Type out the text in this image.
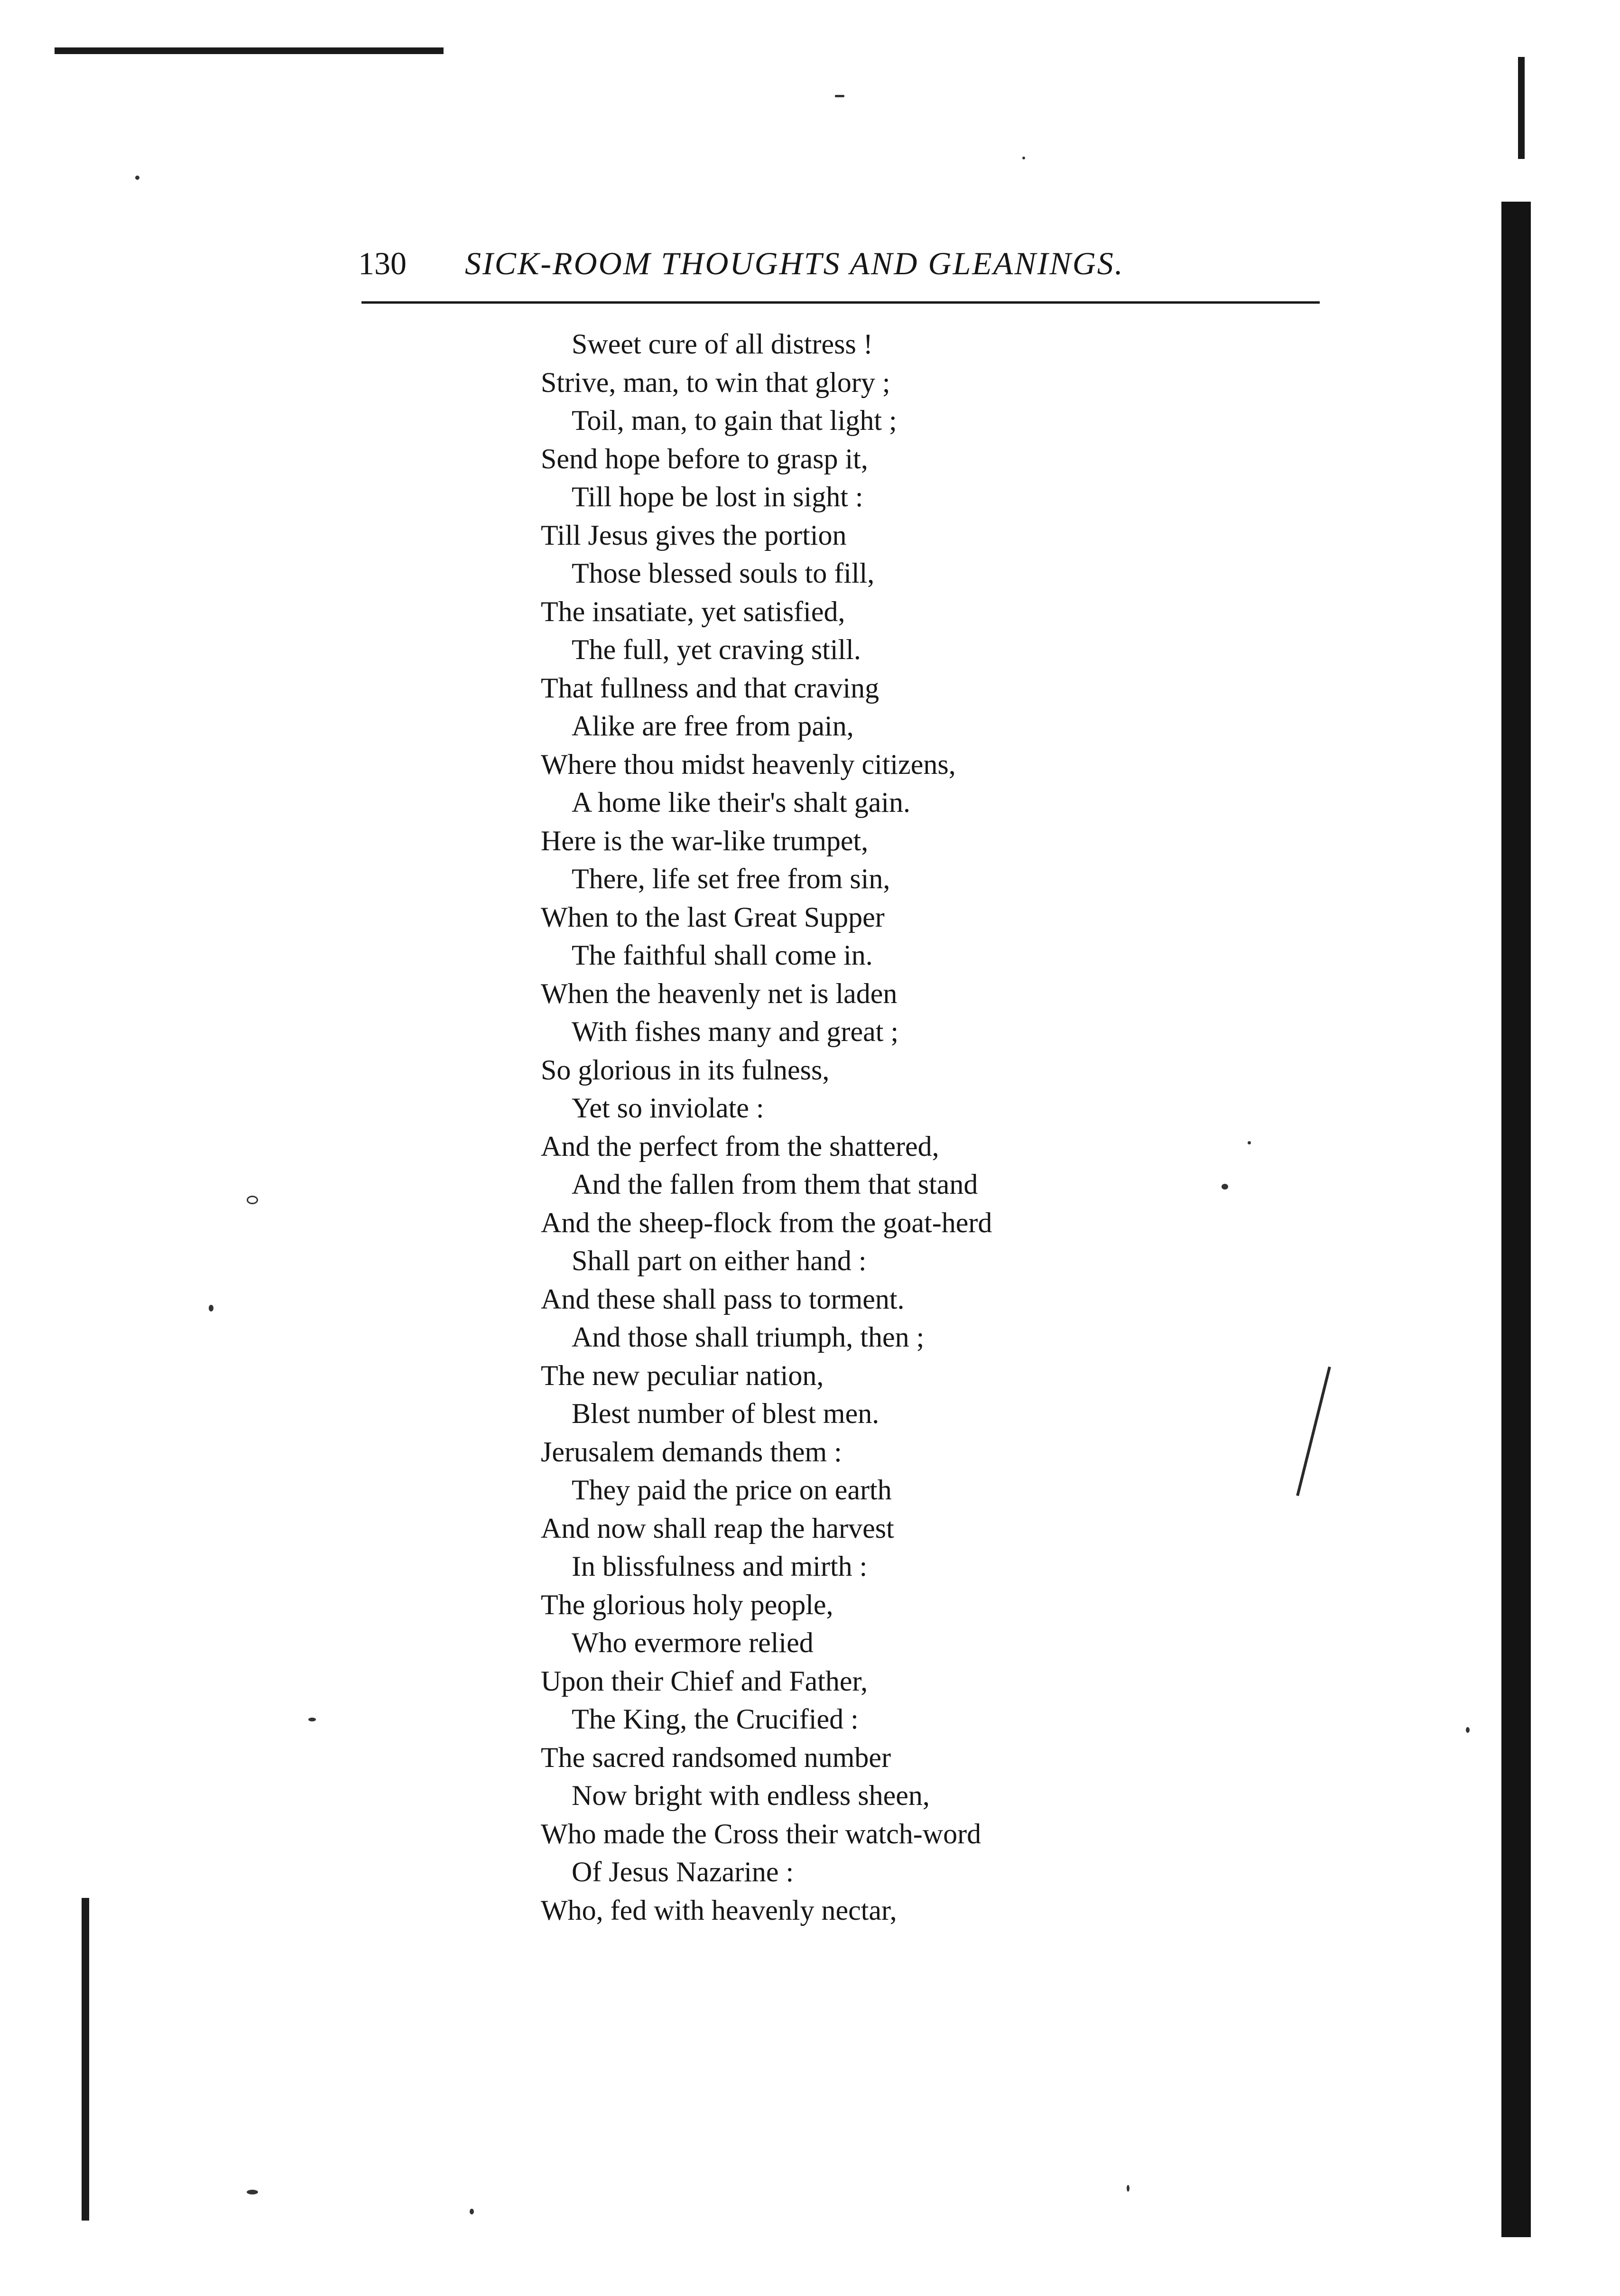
130 SICK-ROOM THOUGHTS AND GLEANINGS.
Sweet cure of all distress !
Strive, man, to win that glory ;
Toil, man, to gain that light ;
Send hope before to grasp it,
Till hope be lost in sight :
Till Jesus gives the portion
Those blessed souls to fill,
The insatiate, yet satisfied,
The full, yet craving still.
That fullness and that craving
Alike are free from pain,
Where thou midst heavenly citizens,
A home like their's shalt gain.
Here is the war-like trumpet,
There, life set free from sin,
When to the last Great Supper
The faithful shall come in.
When the heavenly net is laden
With fishes many and great ;
So glorious in its fulness,
Yet so inviolate :
And the perfect from the shattered,
And the fallen from them that stand
And the sheep-flock from the goat-herd
Shall part on either hand :
And these shall pass to torment.
And those shall triumph, then ;
The new peculiar nation,
Blest number of blest men.
Jerusalem demands them :
They paid the price on earth
And now shall reap the harvest
In blissfulness and mirth :
The glorious holy people,
Who evermore relied
Upon their Chief and Father,
The King, the Crucified :
The sacred randsomed number
Now bright with endless sheen,
Who made the Cross their watch-word
Of Jesus Nazarine :
Who, fed with heavenly nectar,
